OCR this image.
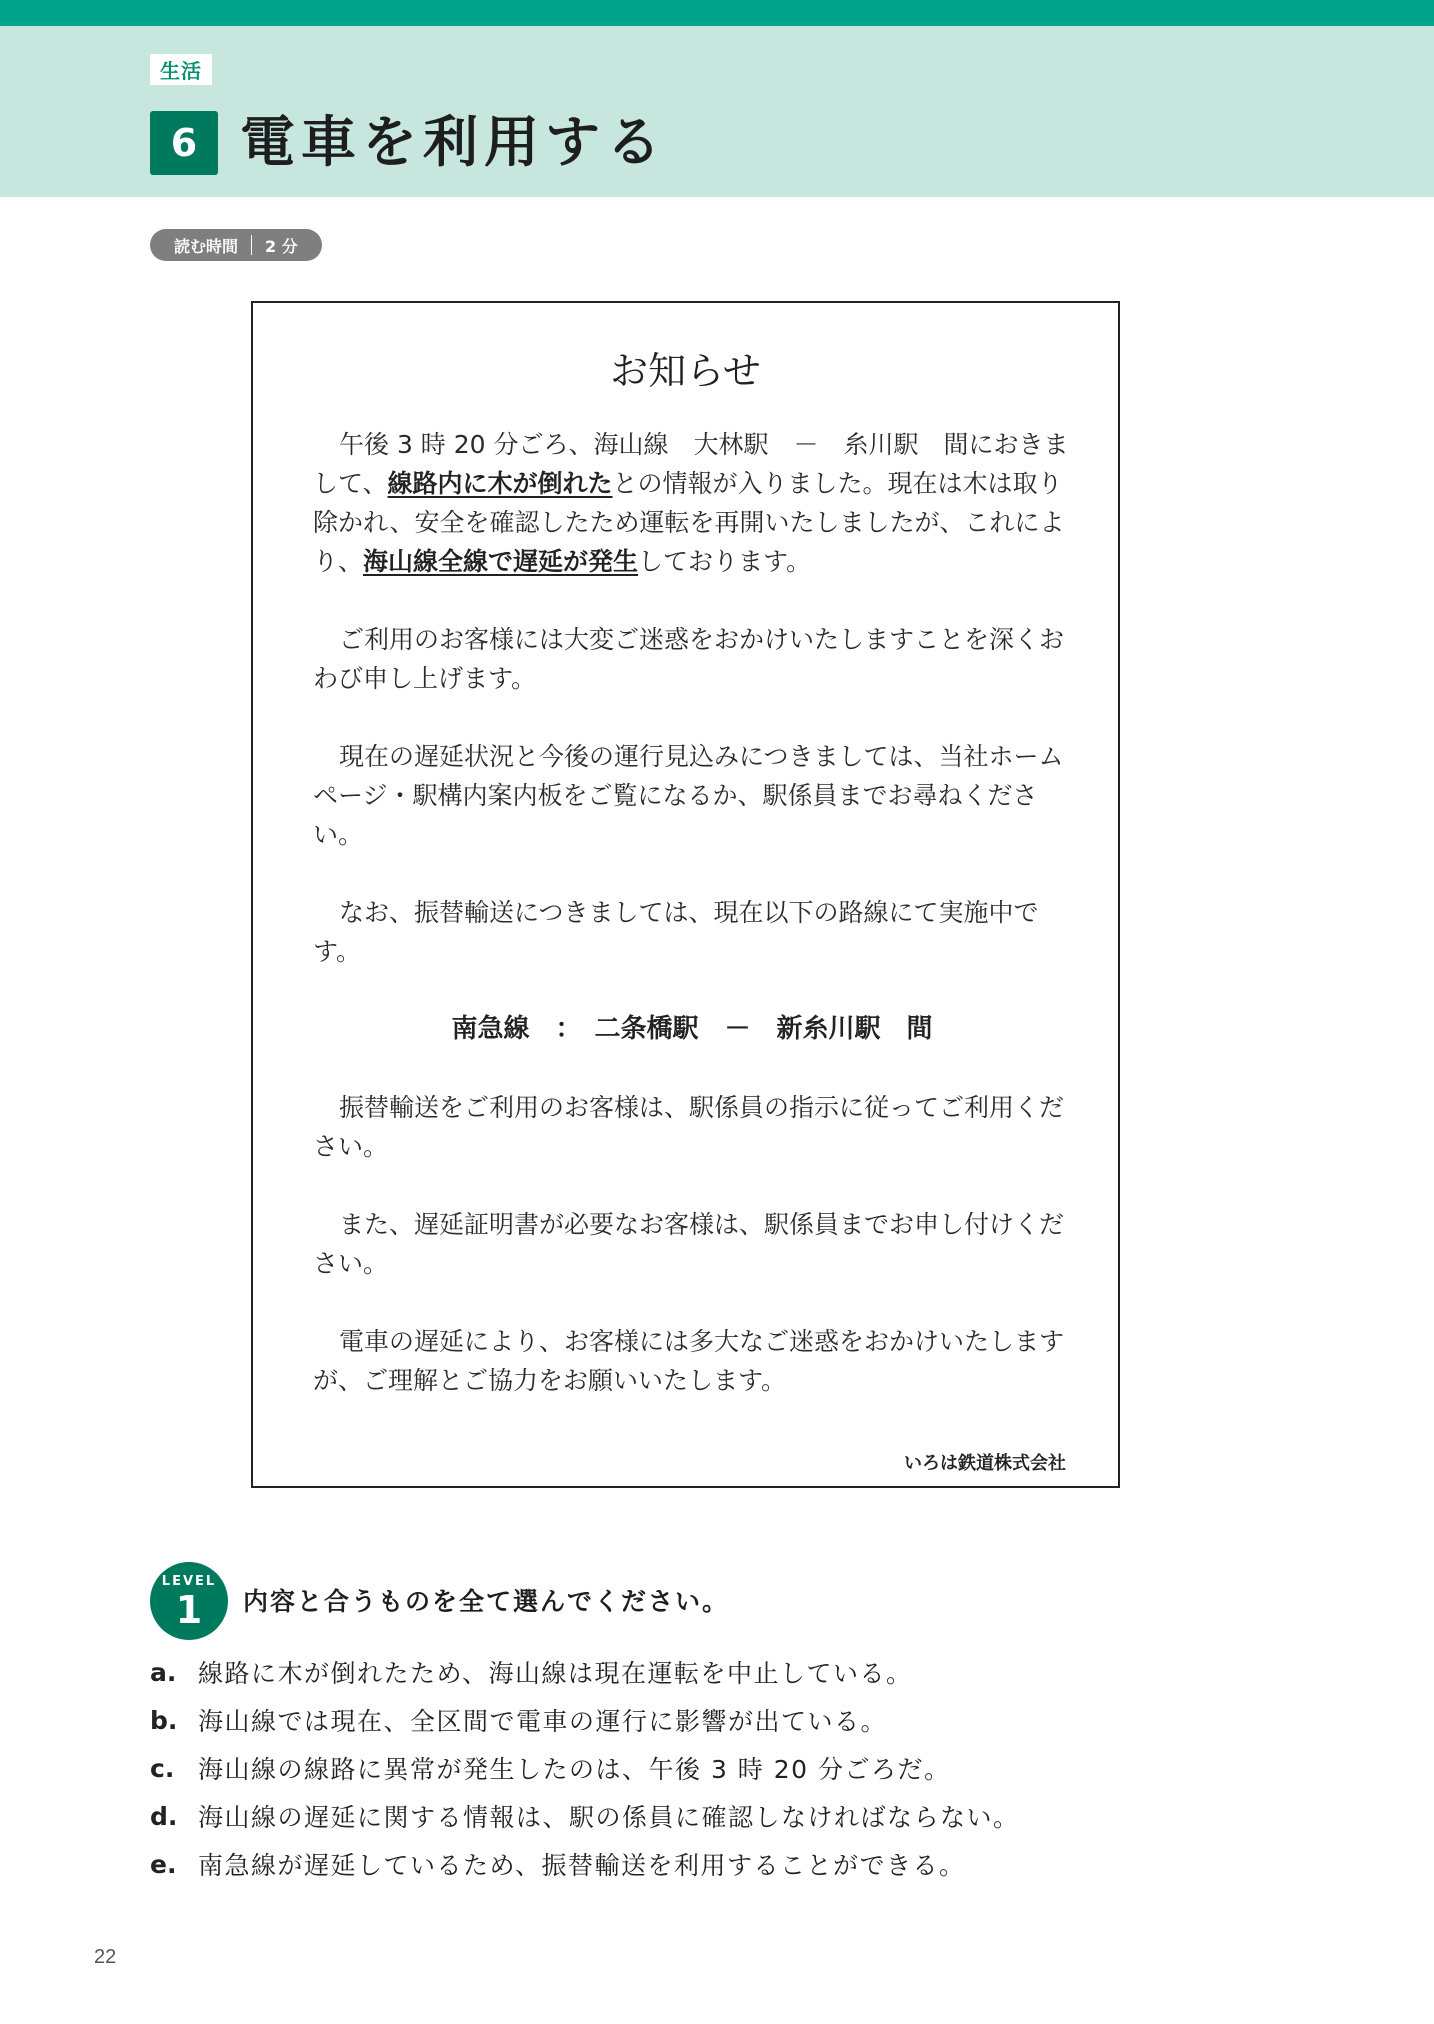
生活
6 電車を利用する
読む時間 2 分
お知らせ

午後 3 時 20 分ごろ、海山線　大林駅　－　糸川駅　間におきまして、線路内に木が倒れたとの情報が入りました。現在は木は取り除かれ、安全を確認したため運転を再開いたしましたが、これにより、海山線全線で遅延が発生しております。

ご利用のお客様には大変ご迷惑をおかけいたしますことを深くおわび申し上げます。

現在の遅延状況と今後の運行見込みにつきましては、当社ホームページ・駅構内案内板をご覧になるか、駅係員までお尋ねください。

なお、振替輸送につきましては、現在以下の路線にて実施中です。

南急線　：　二条橋駅　－　新糸川駅　間

振替輸送をご利用のお客様は、駅係員の指示に従ってご利用ください。

また、遅延証明書が必要なお客様は、駅係員までお申し付けください。

電車の遅延により、お客様には多大なご迷惑をおかけいたしますが、ご理解とご協力をお願いいたします。

いろは鉄道株式会社
LEVEL
1	内容と合うものを全て選んでください。
a. 線路に木が倒れたため、海山線は現在運転を中止している。
b. 海山線では現在、全区間で電車の運行に影響が出ている。
c. 海山線の線路に異常が発生したのは、午後 3 時 20 分ごろだ。
d. 海山線の遅延に関する情報は、駅の係員に確認しなければならない。
e. 南急線が遅延しているため、振替輸送を利用することができる。
22
